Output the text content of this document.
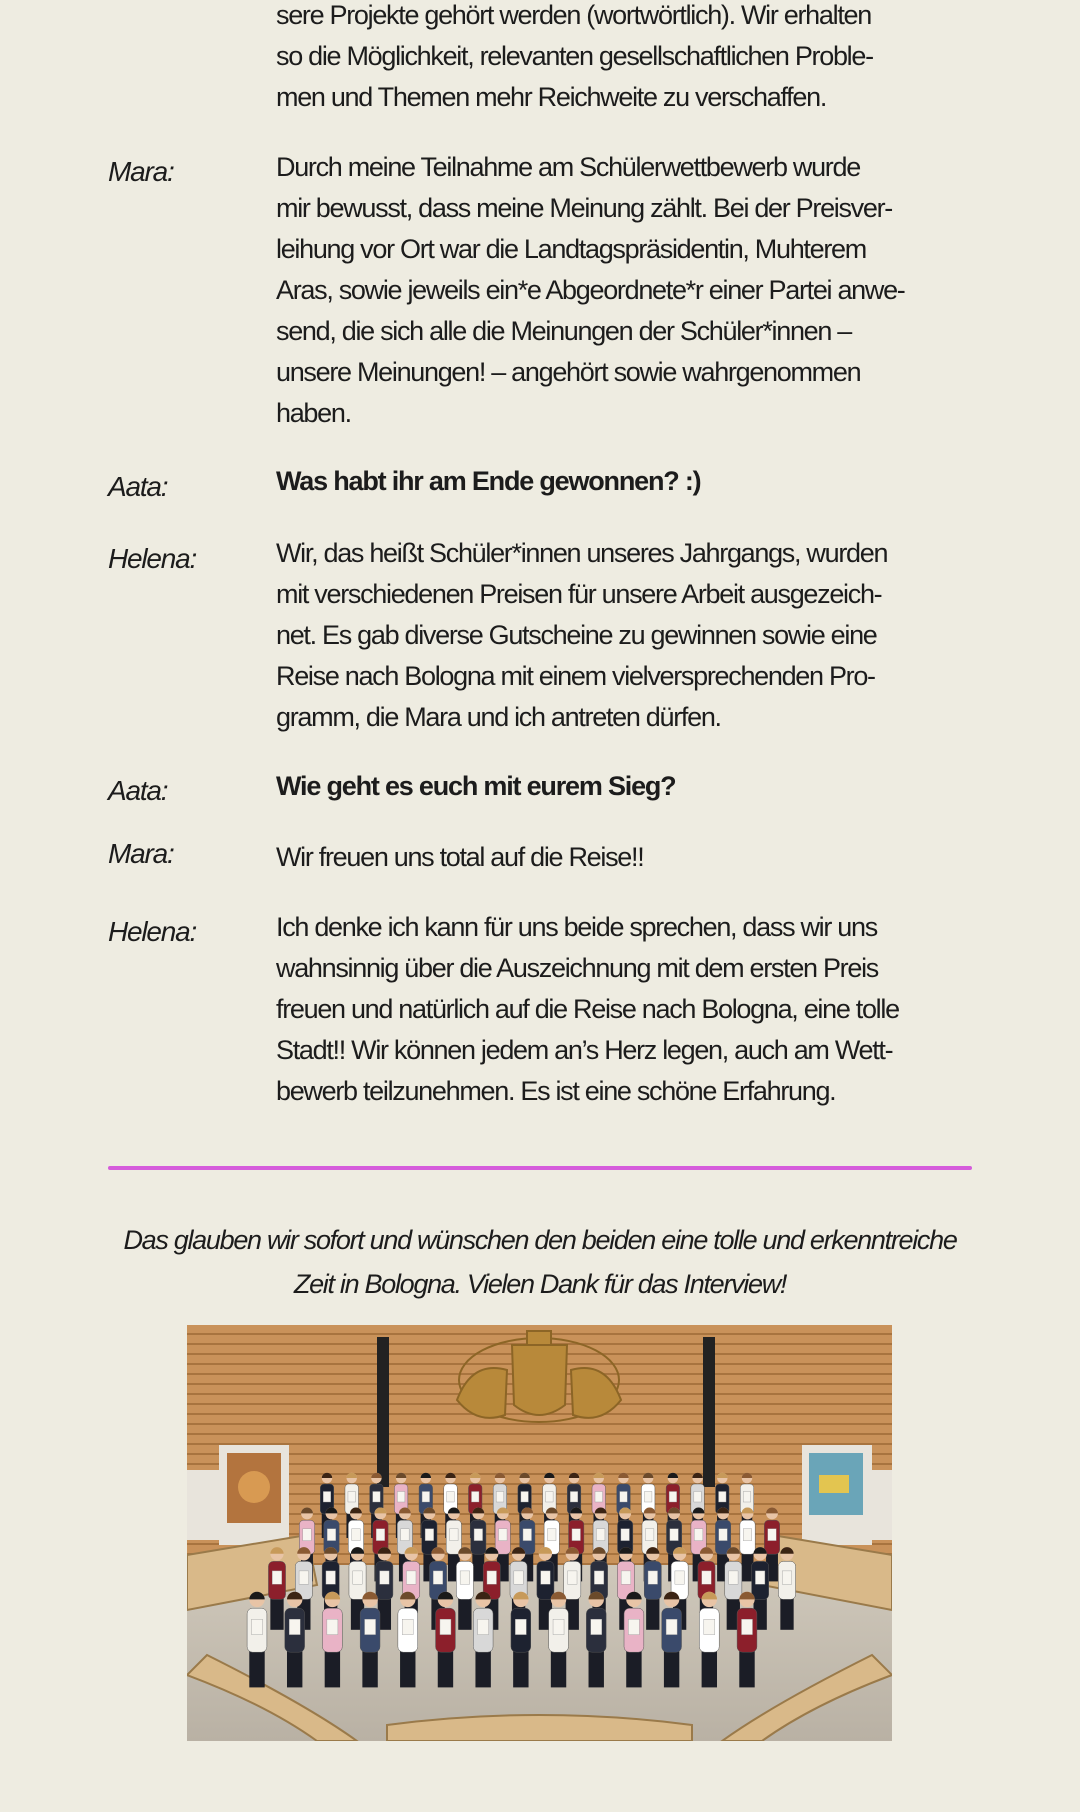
sere Projekte gehört werden (wortwörtlich). Wir erhalten
so die Möglichkeit, relevanten gesellschaftlichen Proble-
men und Themen mehr Reichweite zu verschaffen.
Mara:	Durch meine Teilnahme am Schülerwettbewerb wurde
mir bewusst, dass meine Meinung zählt. Bei der Preisver-
leihung vor Ort war die Landtagspräsidentin, Muhterem
Aras, sowie jeweils ein*e Abgeordnete*r einer Partei anwe-
send, die sich alle die Meinungen der Schüler*innen –
unsere Meinungen! – angehört sowie wahrgenommen
haben.
Aata:	Was habt ihr am Ende gewonnen? :)
Helena:	Wir, das heißt Schüler*innen unseres Jahrgangs, wurden
mit verschiedenen Preisen für unsere Arbeit ausgezeich-
net. Es gab diverse Gutscheine zu gewinnen sowie eine
Reise nach Bologna mit einem vielversprechenden Pro-
gramm, die Mara und ich antreten dürfen.
Aata:	Wie geht es euch mit eurem Sieg?
Mara:	Wir freuen uns total auf die Reise!!
Helena:	Ich denke ich kann für uns beide sprechen, dass wir uns
wahnsinnig über die Auszeichnung mit dem ersten Preis
freuen und natürlich auf die Reise nach Bologna, eine tolle
Stadt!! Wir können jedem an’s Herz legen, auch am Wett-
bewerb teilzunehmen. Es ist eine schöne Erfahrung.
Das glauben wir sofort und wünschen den beiden eine tolle und erkenntreiche
Zeit in Bologna. Vielen Dank für das Interview!
